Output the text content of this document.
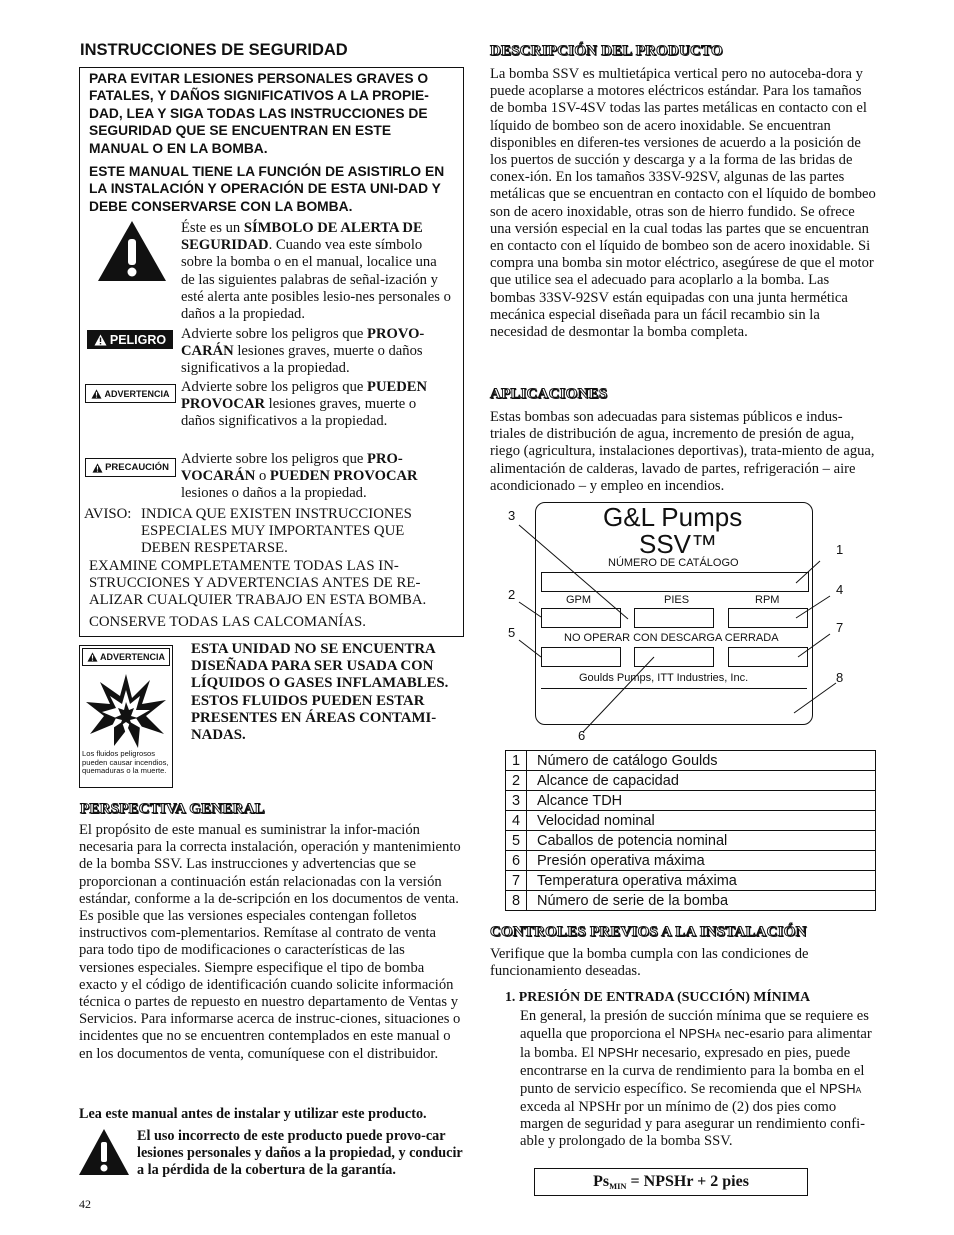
INSTRUCCIONES DE SEGURIDAD
PARA EVITAR LESIONES PERSONALES GRAVES O FATALES, Y DAÑOS SIGNIFICATIVOS A LA PROPIE-DAD, LEA Y SIGA TODAS LAS INSTRUCCIONES DE SEGURIDAD QUE SE ENCUENTRAN EN ESTE MANUAL O EN LA BOMBA.
ESTE MANUAL TIENE LA FUNCIÓN DE ASISTIRLO EN LA INSTALACIÓN Y OPERACIÓN DE ESTA UNI-DAD Y DEBE CONSERVARSE CON LA BOMBA.
Éste es un SÍMBOLO DE ALERTA DE SEGURIDAD. Cuando vea este símbolo sobre la bomba o en el manual, localice una de las siguientes palabras de señal-ización y esté alerta ante posibles lesio-nes personales o daños a la propiedad.
PELIGRO Advierte sobre los peligros que PROVO-CARÁN lesiones graves, muerte o daños significativos a la propiedad.
ADVERTENCIA Advierte sobre los peligros que PUEDEN PROVOCAR lesiones graves, muerte o daños significativos a la propiedad.
PRECAUCIÓN
Advierte sobre los peligros que PRO-VOCARÁN o PUEDEN PROVOCAR lesiones o daños a la propiedad.
AVISO: INDICA QUE EXISTEN INSTRUCCIONES ESPECIALES MUY IMPORTANTES QUE DEBEN RESPETARSE.
EXAMINE COMPLETAMENTE TODAS LAS IN-STRUCCIONES Y ADVERTENCIAS ANTES DE RE-ALIZAR CUALQUIER TRABAJO EN ESTA BOMBA.
CONSERVE TODAS LAS CALCOMANÍAS.
ADVERTENCIA
Los fluidos peligrosos pueden causar incendios, quemaduras o la muerte.
ESTA UNIDAD NO SE ENCUENTRA DISEÑADA PARA SER USADA CON LÍQUIDOS O GASES INFLAMABLES. ESTOS FLUIDOS PUEDEN ESTAR PRESENTES EN ÁREAS CONTAMI-NADAS.
PERSPECTIVA GENERAL
El propósito de este manual es suministrar la infor-mación necesaria para la correcta instalación, operación y mantenimiento de la bomba SSV. Las instrucciones y advertencias que se proporcionan a continuación están relacionadas con la versión estándar, conforme a la de-scripción en los documentos de venta. Es posible que las versiones especiales contengan folletos instructivos com-plementarios. Remítase al contrato de venta para todo tipo de modificaciones o características de las versiones especiales. Siempre especifique el tipo de bomba exacto y el código de identificación cuando solicite información técnica o partes de repuesto en nuestro departamento de Ventas y Servicios. Para informarse acerca de instruc-ciones, situaciones o incidentes que no se encuentren contemplados en este manual o en los documentos de venta, comuníquese con el distribuidor.
Lea este manual antes de instalar y utilizar este producto.
El uso incorrecto de este producto puede provo-car lesiones personales y daños a la propiedad, y conducir a la pérdida de la cobertura de la garantía.
42
DESCRIPCIÓN DEL PRODUCTO
La bomba SSV es multietápica vertical pero no autoceba-dora y puede acoplarse a motores eléctricos estándar. Para los tamaños de bomba 1SV-4SV todas las partes metálicas en contacto con el líquido de bombeo son de acero inoxidable. Se encuentran disponibles en diferen-tes versiones de acuerdo a la posición de los puertos de succión y descarga y a la forma de las bridas de conex-ión. En los tamaños 33SV-92SV, algunas de las partes metálicas que se encuentran en contacto con el líquido de bombeo son de acero inoxidable, otras son de hierro fundido. Se ofrece una versión especial en la cual todas las partes que se encuentran en contacto con el líquido de bombeo son de acero inoxidable. Si compra una bomba sin motor eléctrico, asegúrese de que el motor que utilice sea el adecuado para acoplarlo a la bomba. Las bombas 33SV-92SV están equipadas con una junta hermética mecánica especial diseñada para un fácil recambio sin la necesidad de desmontar la bomba completa.
APLICACIONES
Estas bombas son adecuadas para sistemas públicos e indus-triales de distribución de agua, incremento de presión de agua, riego (agricultura, instalaciones deportivas), trata-miento de agua, alimentación de calderas, lavado de partes, refrigeración – aire acondicionado – y empleo en incendios.
G&L Pumps
SSV™
NÚMERO DE CATÁLOGO
GPM	PIES	RPM
NO OPERAR CON DESCARGA CERRADA
Goulds Pumps, ITT Industries, Inc.
3
1
4
2
7
5
8
6
1	Número de catálogo Goulds
2	Alcance de capacidad
3	Alcance TDH
4	Velocidad nominal
5	Caballos de potencia nominal
6	Presión operativa máxima
7	Temperatura operativa máxima
8	Número de serie de la bomba
CONTROLES PREVIOS A LA INSTALACIÓN
Verifique que la bomba cumpla con las condiciones de funcionamiento deseadas.
1. PRESIÓN DE ENTRADA (SUCCIÓN) MÍNIMA
En general, la presión de succión mínima que se requiere es aquella que proporciona el NPSHA nec-esario para alimentar la bomba. El NPSHr necesario, expresado en pies, puede encontrarse en la curva de rendimiento para la bomba en el punto de servicio específico. Se recomienda que el NPSHA exceda al NPSHr por un mínimo de (2) dos pies como margen de seguridad y para asegurar un rendimiento confi-able y prolongado de la bomba SSV.
Ps MIN = NPSHr + 2 pies
